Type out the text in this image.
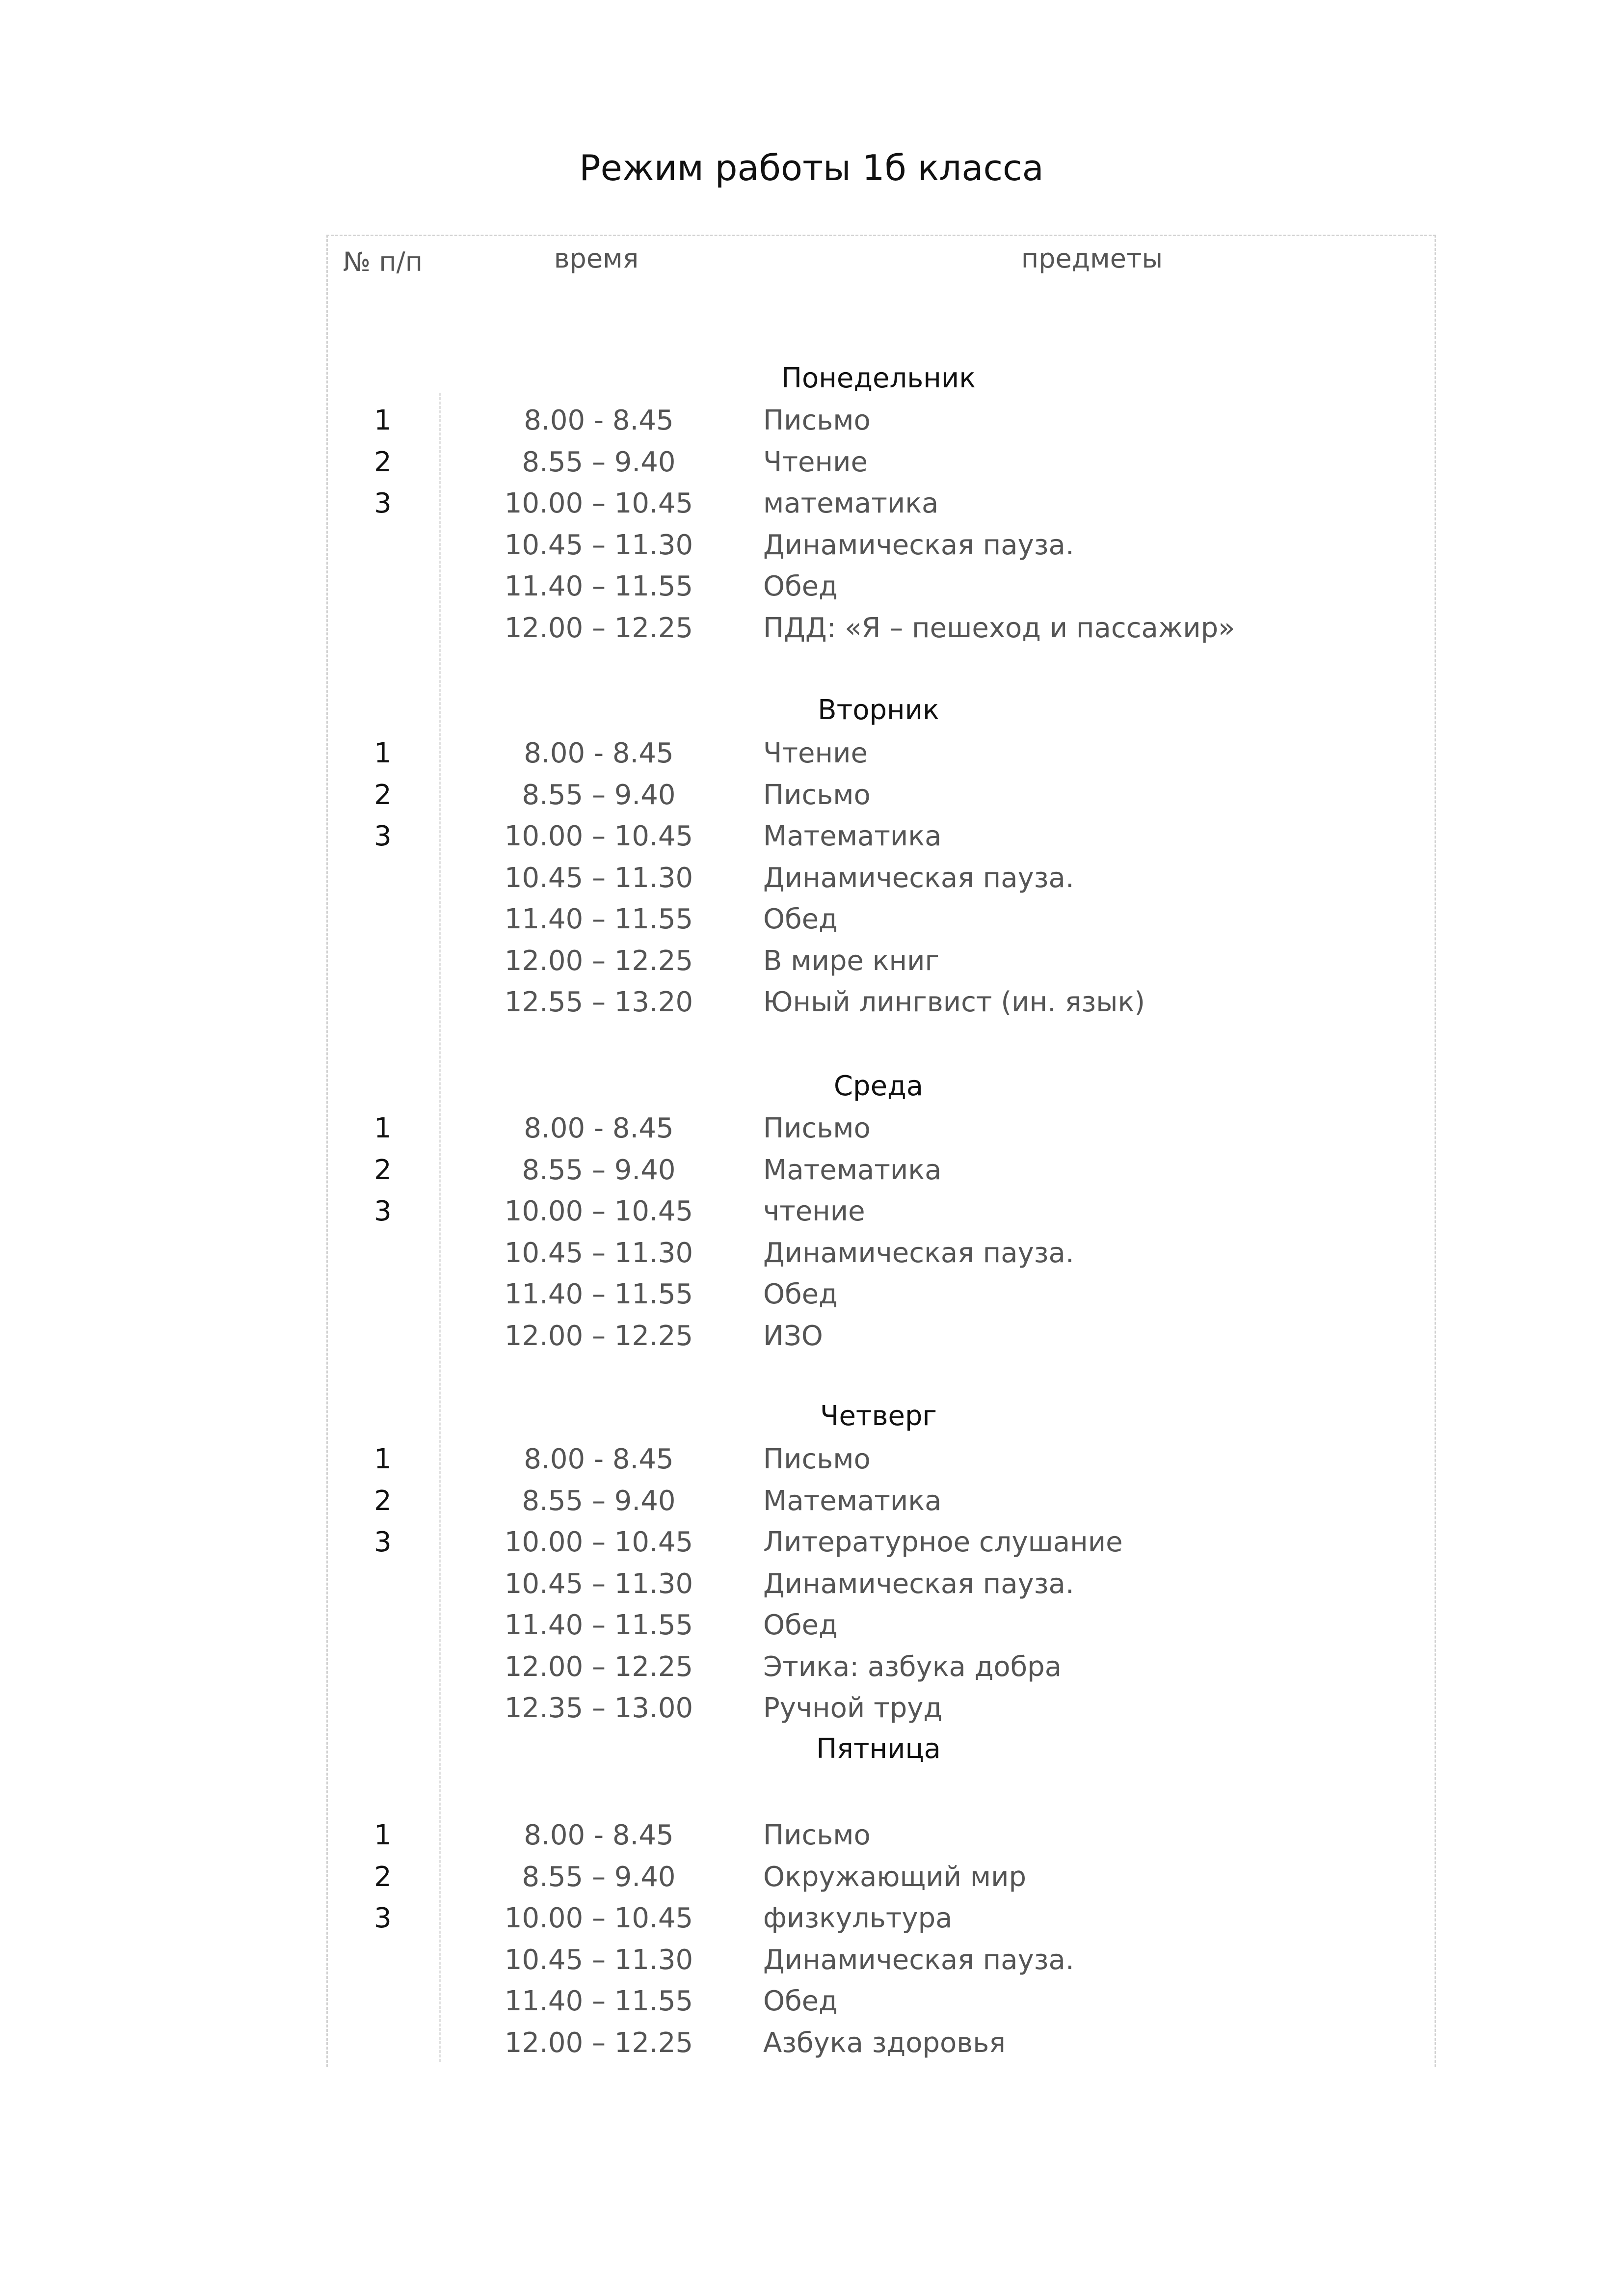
Режим работы 1б класса
№ п/п	время	предметы
Понедельник
1	8.00 - 8.45	Письмо
2	8.55 – 9.40	Чтение
3	10.00 – 10.45	математика
10.45 – 11.30	Динамическая пауза.
11.40 – 11.55	Обед
12.00 – 12.25	ПДД: «Я – пешеход и пассажир»
Вторник
1	8.00 - 8.45	Чтение
2	8.55 – 9.40	Письмо
3	10.00 – 10.45	Математика
10.45 – 11.30	Динамическая пауза.
11.40 – 11.55	Обед
12.00 – 12.25	В мире книг
12.55 – 13.20	Юный лингвист (ин. язык)
Среда
1	8.00 - 8.45	Письмо
2	8.55 – 9.40	Математика
3	10.00 – 10.45	чтение
10.45 – 11.30	Динамическая пауза.
11.40 – 11.55	Обед
12.00 – 12.25	ИЗО
Четверг
1	8.00 - 8.45	Письмо
2	8.55 – 9.40	Математика
3	10.00 – 10.45	Литературное слушание
10.45 – 11.30	Динамическая пауза.
11.40 – 11.55	Обед
12.00 – 12.25	Этика: азбука добра
12.35 – 13.00	Ручной труд
Пятница
1	8.00 - 8.45	Письмо
2	8.55 – 9.40	Окружающий мир
3	10.00 – 10.45	физкультура
10.45 – 11.30	Динамическая пауза.
11.40 – 11.55	Обед
12.00 – 12.25	Азбука здоровья
